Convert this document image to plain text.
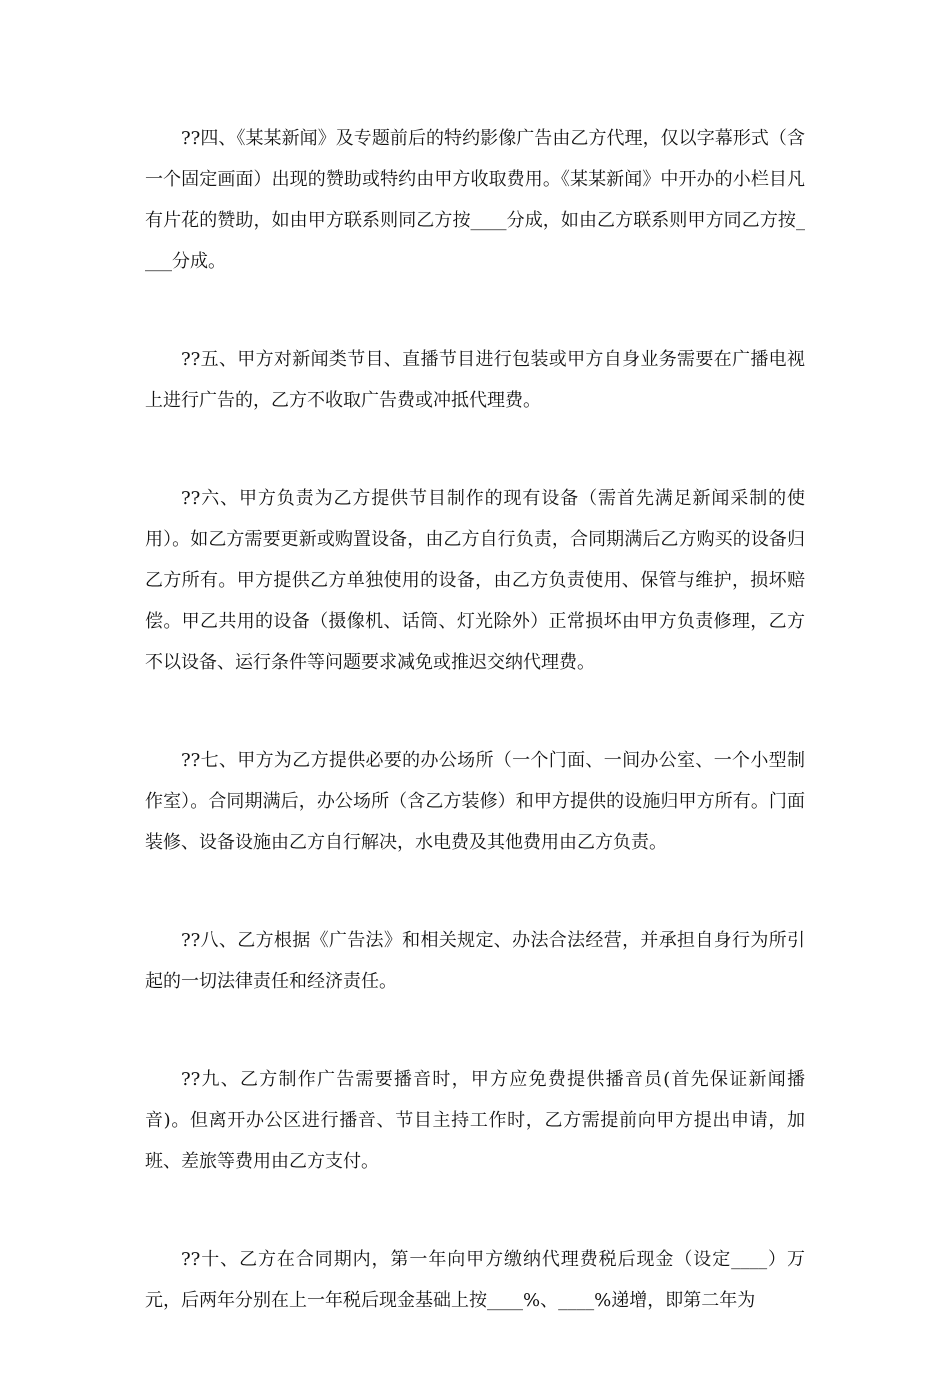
??四、《某某新闻》及专题前后的特约影像广告由乙方代理，仅以字幕形式（含一个固定画面）出现的赞助或特约由甲方收取费用。《某某新闻》中开办的小栏目凡有片花的赞助，如由甲方联系则同乙方按____分成，如由乙方联系则甲方同乙方按____分成。

??五、甲方对新闻类节目、直播节目进行包装或甲方自身业务需要在广播电视上进行广告的，乙方不收取广告费或冲抵代理费。

??六、甲方负责为乙方提供节目制作的现有设备（需首先满足新闻采制的使用）。如乙方需要更新或购置设备，由乙方自行负责，合同期满后乙方购买的设备归乙方所有。甲方提供乙方单独使用的设备，由乙方负责使用、保管与维护，损坏赔偿。甲乙共用的设备（摄像机、话筒、灯光除外）正常损坏由甲方负责修理，乙方不以设备、运行条件等问题要求减免或推迟交纳代理费。

??七、甲方为乙方提供必要的办公场所（一个门面、一间办公室、一个小型制作室）。合同期满后，办公场所（含乙方装修）和甲方提供的设施归甲方所有。门面装修、设备设施由乙方自行解决，水电费及其他费用由乙方负责。

??八、乙方根据《广告法》和相关规定、办法合法经营，并承担自身行为所引起的一切法律责任和经济责任。

??九、乙方制作广告需要播音时，甲方应免费提供播音员(首先保证新闻播音)。但离开办公区进行播音、节目主持工作时，乙方需提前向甲方提出申请，加班、差旅等费用由乙方支付。

??十、乙方在合同期内，第一年向甲方缴纳代理费税后现金（设定____）万元，后两年分别在上一年税后现金基础上按____%、____%递增，即第二年为
